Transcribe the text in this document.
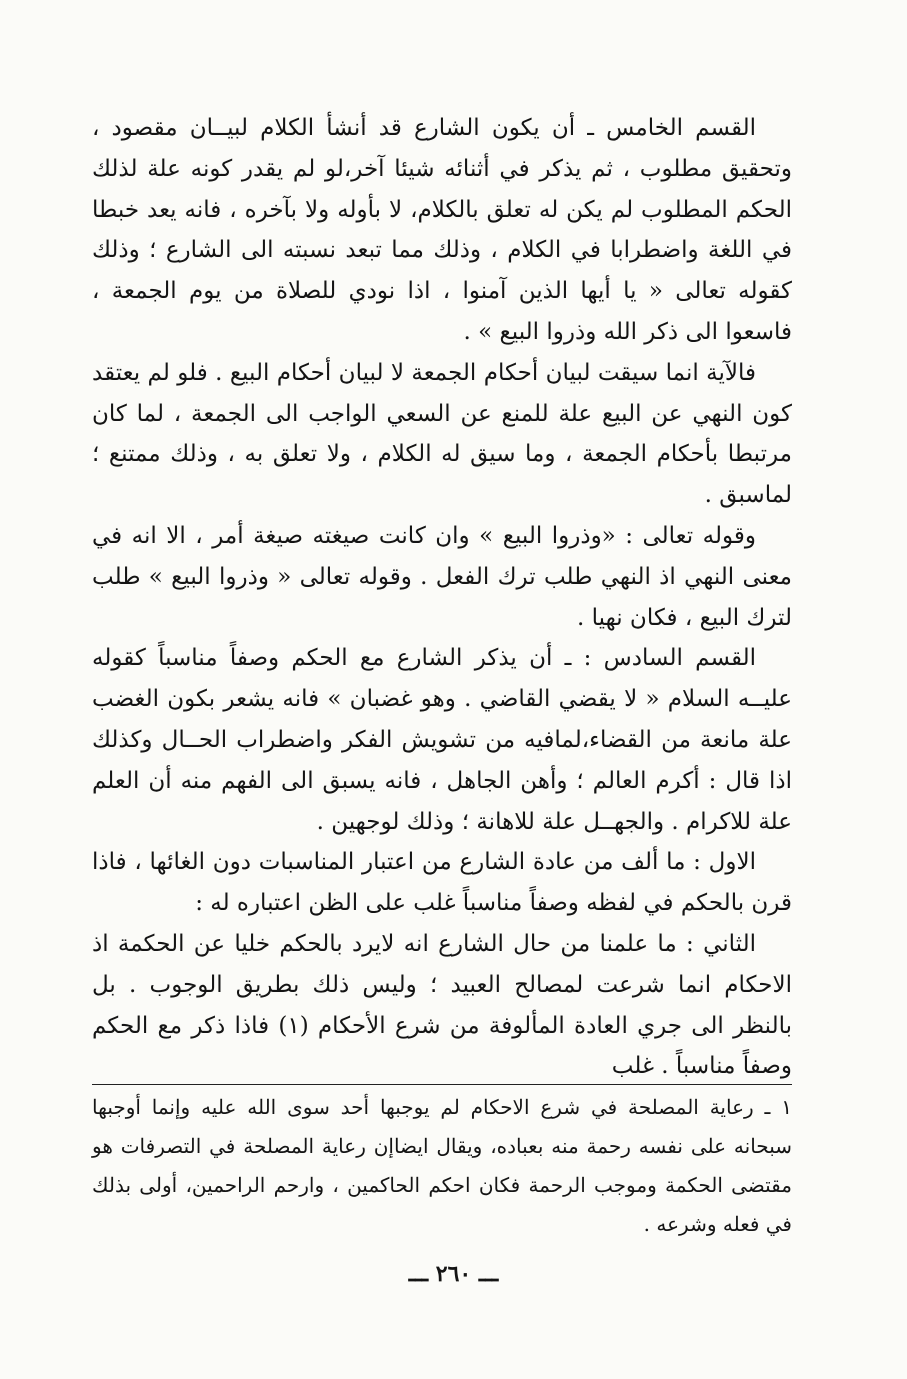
القسم الخامس ـ أن يكون الشارع قد أنشأ الكلام لبيــان مقصود ، وتحقيق مطلوب ، ثم يذكر في أثنائه شيئا آخر،لو لم يقدر كونه علة لذلك الحكم المطلوب لم يكن له تعلق بالكلام، لا بأوله ولا بآخره ، فانه يعد خبطا في اللغة واضطرابا في الكلام ، وذلك مما تبعد نسبته الى الشارع ؛ وذلك كقوله تعالى « يا أيها الذين آمنوا ، اذا نودي للصلاة من يوم الجمعة ، فاسعوا الى ذكر الله وذروا البيع » .

فالآية انما سيقت لبيان أحكام الجمعة لا لبيان أحكام البيع . فلو لم يعتقد كون النهي عن البيع علة للمنع عن السعي الواجب الى الجمعة ، لما كان مرتبطا بأحكام الجمعة ، وما سيق له الكلام ، ولا تعلق به ، وذلك ممتنع ؛ لماسبق .

وقوله تعالى : «وذروا البيع » وان كانت صيغته صيغة أمر ، الا انه في معنى النهي اذ النهي طلب ترك الفعل . وقوله تعالى « وذروا البيع » طلب لترك البيع ، فكان نهيا .

القسم السادس : ـ أن يذكر الشارع مع الحكم وصفاً مناسباً كقوله عليــه السلام « لا يقضي القاضي . وهو غضبان » فانه يشعر بكون الغضب علة مانعة من القضاء،لمافيه من تشويش الفكر واضطراب الحــال وكذلك اذا قال : أكرم العالم ؛ وأهن الجاهل ، فانه يسبق الى الفهم منه أن العلم علة للاكرام . والجهــل علة للاهانة ؛ وذلك لوجهين .

الاول : ما ألف من عادة الشارع من اعتبار المناسبات دون الغائها ، فاذا قرن بالحكم في لفظه وصفاً مناسباً غلب على الظن اعتباره له :

الثاني : ما علمنا من حال الشارع انه لايرد بالحكم خليا عن الحكمة اذ الاحكام انما شرعت لمصالح العبيد ؛ وليس ذلك بطريق الوجوب . بل بالنظر الى جري العادة المألوفة من شرع الأحكام (١) فاذا ذكر مع الحكم وصفاً مناسباً . غلب

١ ـ رعاية المصلحة في شرع الاحكام لم يوجبها أحد سوى الله عليه وإنما أوجبها سبحانه على نفسه رحمة منه بعباده، ويقال ايضاإن رعاية المصلحة في التصرفات هو مقتضى الحكمة وموجب الرحمة فكان احكم الحاكمين ، وارحم الراحمين، أولى بذلك في فعله وشرعه .

ـــ ٢٦٠ ـــ
